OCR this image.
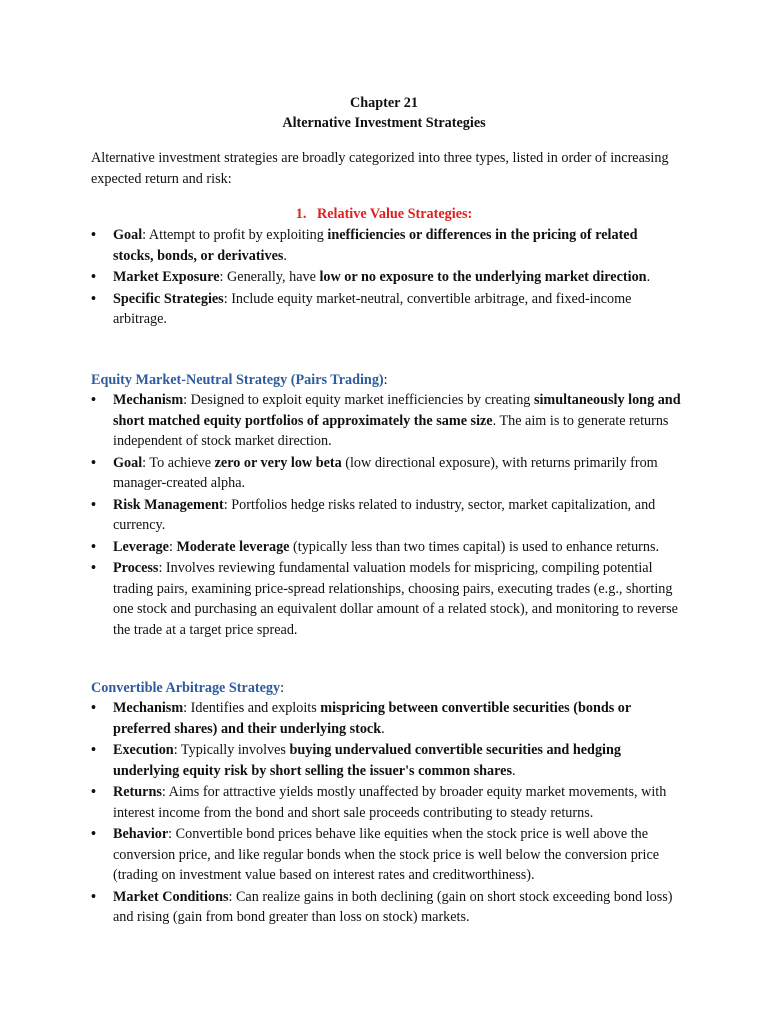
Chapter 21
Alternative Investment Strategies

Alternative investment strategies are broadly categorized into three types, listed in order of increasing expected return and risk:

1. Relative Value Strategies:
• Goal: Attempt to profit by exploiting inefficiencies or differences in the pricing of related stocks, bonds, or derivatives.
• Market Exposure: Generally, have low or no exposure to the underlying market direction.
• Specific Strategies: Include equity market-neutral, convertible arbitrage, and fixed-income arbitrage.
Equity Market-Neutral Strategy (Pairs Trading):
• Mechanism: Designed to exploit equity market inefficiencies by creating simultaneously long and short matched equity portfolios of approximately the same size. The aim is to generate returns independent of stock market direction.
• Goal: To achieve zero or very low beta (low directional exposure), with returns primarily from manager-created alpha.
• Risk Management: Portfolios hedge risks related to industry, sector, market capitalization, and currency.
• Leverage: Moderate leverage (typically less than two times capital) is used to enhance returns.
• Process: Involves reviewing fundamental valuation models for mispricing, compiling potential trading pairs, examining price-spread relationships, choosing pairs, executing trades (e.g., shorting one stock and purchasing an equivalent dollar amount of a related stock), and monitoring to reverse the trade at a target price spread.
Convertible Arbitrage Strategy:
• Mechanism: Identifies and exploits mispricing between convertible securities (bonds or preferred shares) and their underlying stock.
• Execution: Typically involves buying undervalued convertible securities and hedging underlying equity risk by short selling the issuer's common shares.
• Returns: Aims for attractive yields mostly unaffected by broader equity market movements, with interest income from the bond and short sale proceeds contributing to steady returns.
• Behavior: Convertible bond prices behave like equities when the stock price is well above the conversion price, and like regular bonds when the stock price is well below the conversion price (trading on investment value based on interest rates and creditworthiness).
• Market Conditions: Can realize gains in both declining (gain on short stock exceeding bond loss) and rising (gain from bond greater than loss on stock) markets.
